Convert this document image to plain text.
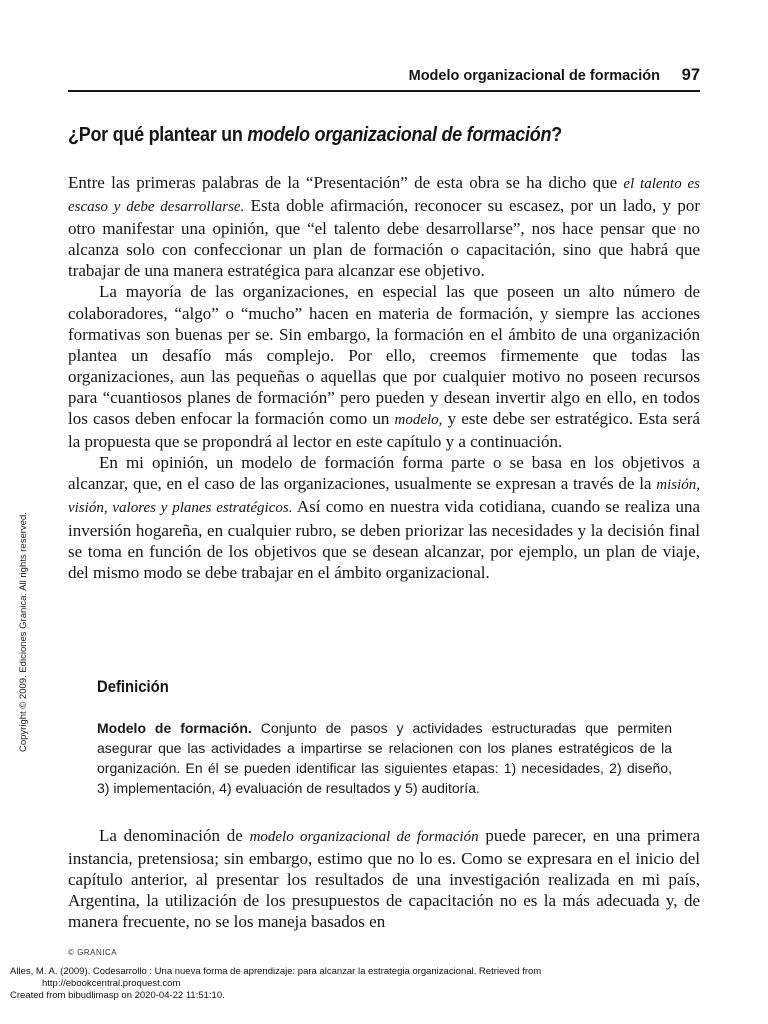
Modelo organizacional de formación 97
¿Por qué plantear un modelo organizacional de formación?

Entre las primeras palabras de la “Presentación” de esta obra se ha dicho que el talento es escaso y debe desarrollarse. Esta doble afirmación, reconocer su escasez, por un lado, y por otro manifestar una opinión, que “el talento debe desarrollarse”, nos hace pensar que no alcanza solo con confeccionar un plan de formación o capacitación, sino que habrá que trabajar de una manera estratégica para alcanzar ese objetivo.

La mayoría de las organizaciones, en especial las que poseen un alto número de colaboradores, “algo” o “mucho” hacen en materia de formación, y siempre las acciones formativas son buenas per se. Sin embargo, la formación en el ámbito de una organización plantea un desafío más complejo. Por ello, creemos firmemente que todas las organizaciones, aun las pequeñas o aquellas que por cualquier motivo no poseen recursos para “cuantiosos planes de formación” pero pueden y desean invertir algo en ello, en todos los casos deben enfocar la formación como un modelo, y este debe ser estratégico. Esta será la propuesta que se propondrá al lector en este capítulo y a continuación.

En mi opinión, un modelo de formación forma parte o se basa en los objetivos a alcanzar, que, en el caso de las organizaciones, usualmente se expresan a través de la misión, visión, valores y planes estratégicos. Así como en nuestra vida cotidiana, cuando se realiza una inversión hogareña, en cualquier rubro, se deben priorizar las necesidades y la decisión final se toma en función de los objetivos que se desean alcanzar, por ejemplo, un plan de viaje, del mismo modo se debe trabajar en el ámbito organizacional.

Definición

Modelo de formación. Conjunto de pasos y actividades estructuradas que permiten asegurar que las actividades a impartirse se relacionen con los planes estratégicos de la organización. En él se pueden identificar las siguientes etapas: 1) necesidades, 2) diseño, 3) implementación, 4) evaluación de resultados y 5) auditoría.

La denominación de modelo organizacional de formación puede parecer, en una primera instancia, pretensiosa; sin embargo, estimo que no lo es. Como se expresara en el inicio del capítulo anterior, al presentar los resultados de una investigación realizada en mi país, Argentina, la utilización de los presupuestos de capacitación no es la más adecuada y, de manera frecuente, no se los maneja basados en

Copyright © 2009. Ediciones Granica. All rights reserved.
© GRANICA
Alles, M. A. (2009). Codesarrollo : Una nueva forma de aprendizaje: para alcanzar la estrategia organizacional. Retrieved from
http://ebookcentral.proquest.com
Created from bibudlimasp on 2020-04-22 11:51:10.
